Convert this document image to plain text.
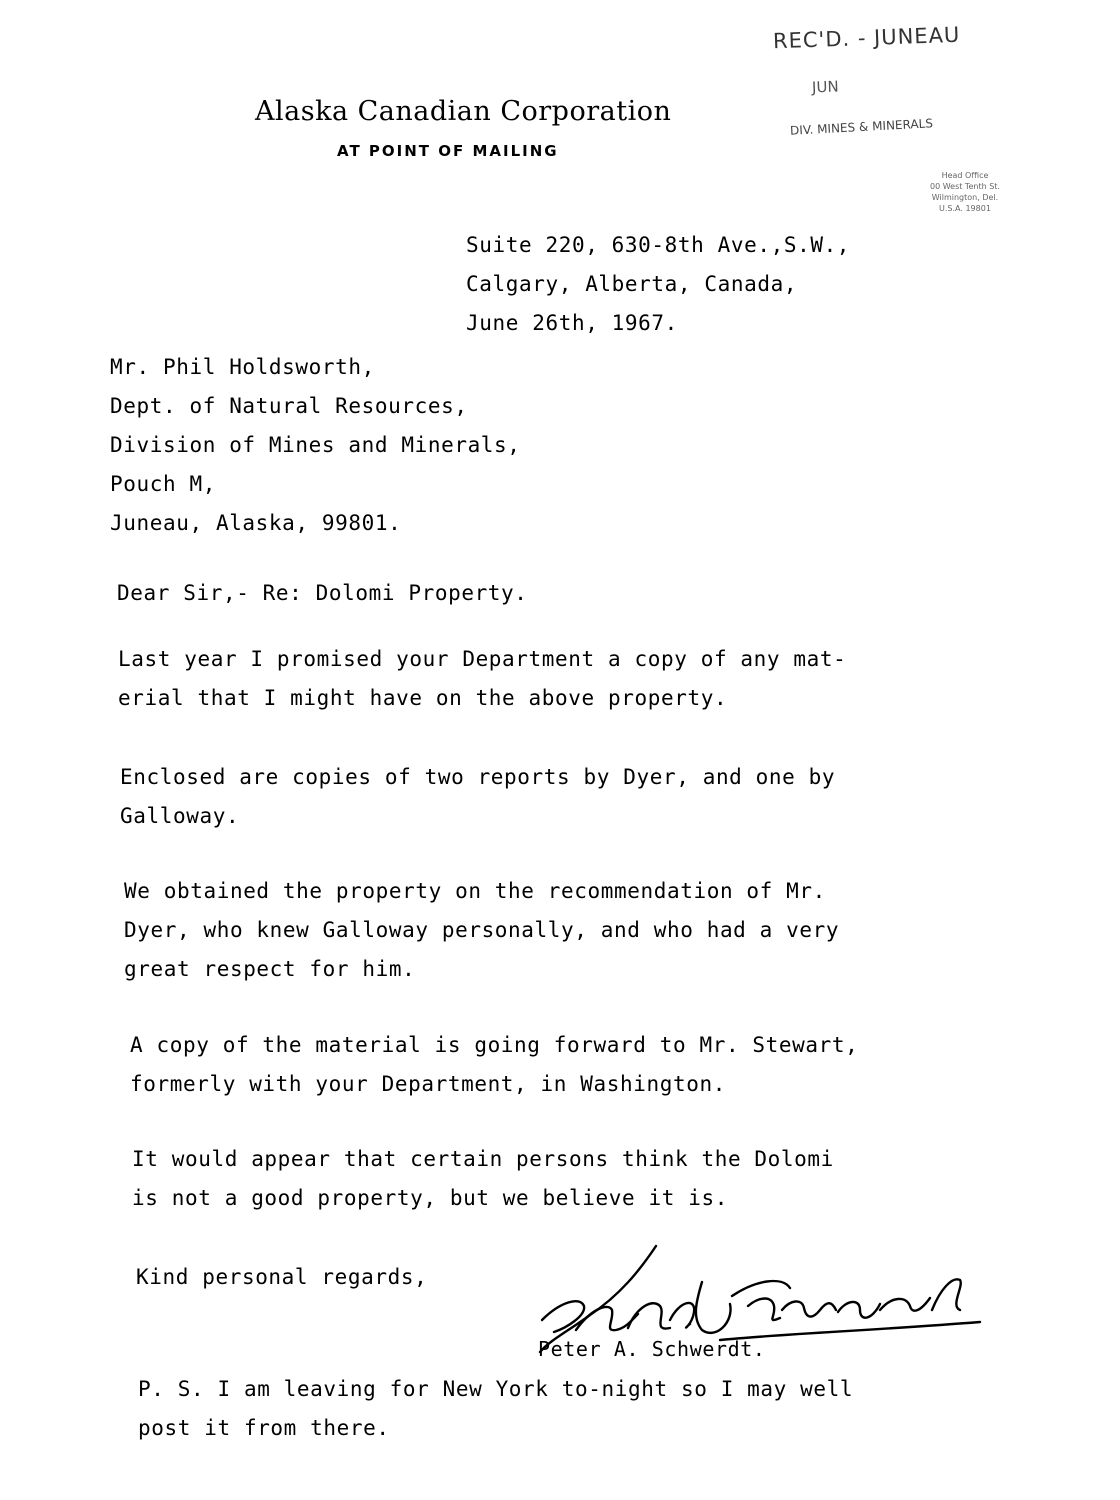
Alaska Canadian Corporation
AT POINT OF MAILING
REC'D. - JUNEAU
JUN
DIV. MINES & MINERALS
Head Office
00 West Tenth St.
Wilmington, Del.
U.S.A. 19801
Suite 220, 630-8th Ave.,S.W.,
Calgary, Alberta, Canada,
June 26th, 1967.
Mr. Phil Holdsworth,
Dept. of Natural Resources,
Division of Mines and Minerals,
Pouch M,
Juneau, Alaska, 99801.
Dear Sir,- Re: Dolomi Property.
Last year I promised your Department a copy of any mat-
erial that I might have on the above property.
Enclosed are copies of two reports by Dyer, and one by
Galloway.
We obtained the property on the recommendation of Mr.
Dyer, who knew Galloway personally, and who had a very
great respect for him.
A copy of the material is going forward to Mr. Stewart,
formerly with your Department, in Washington.
It would appear that certain persons think the Dolomi
is not a good property, but we believe it is.
Kind personal regards,
Peter A. Schwerdt.
P. S. I am leaving for New York to-night so I may well
post it from there.
